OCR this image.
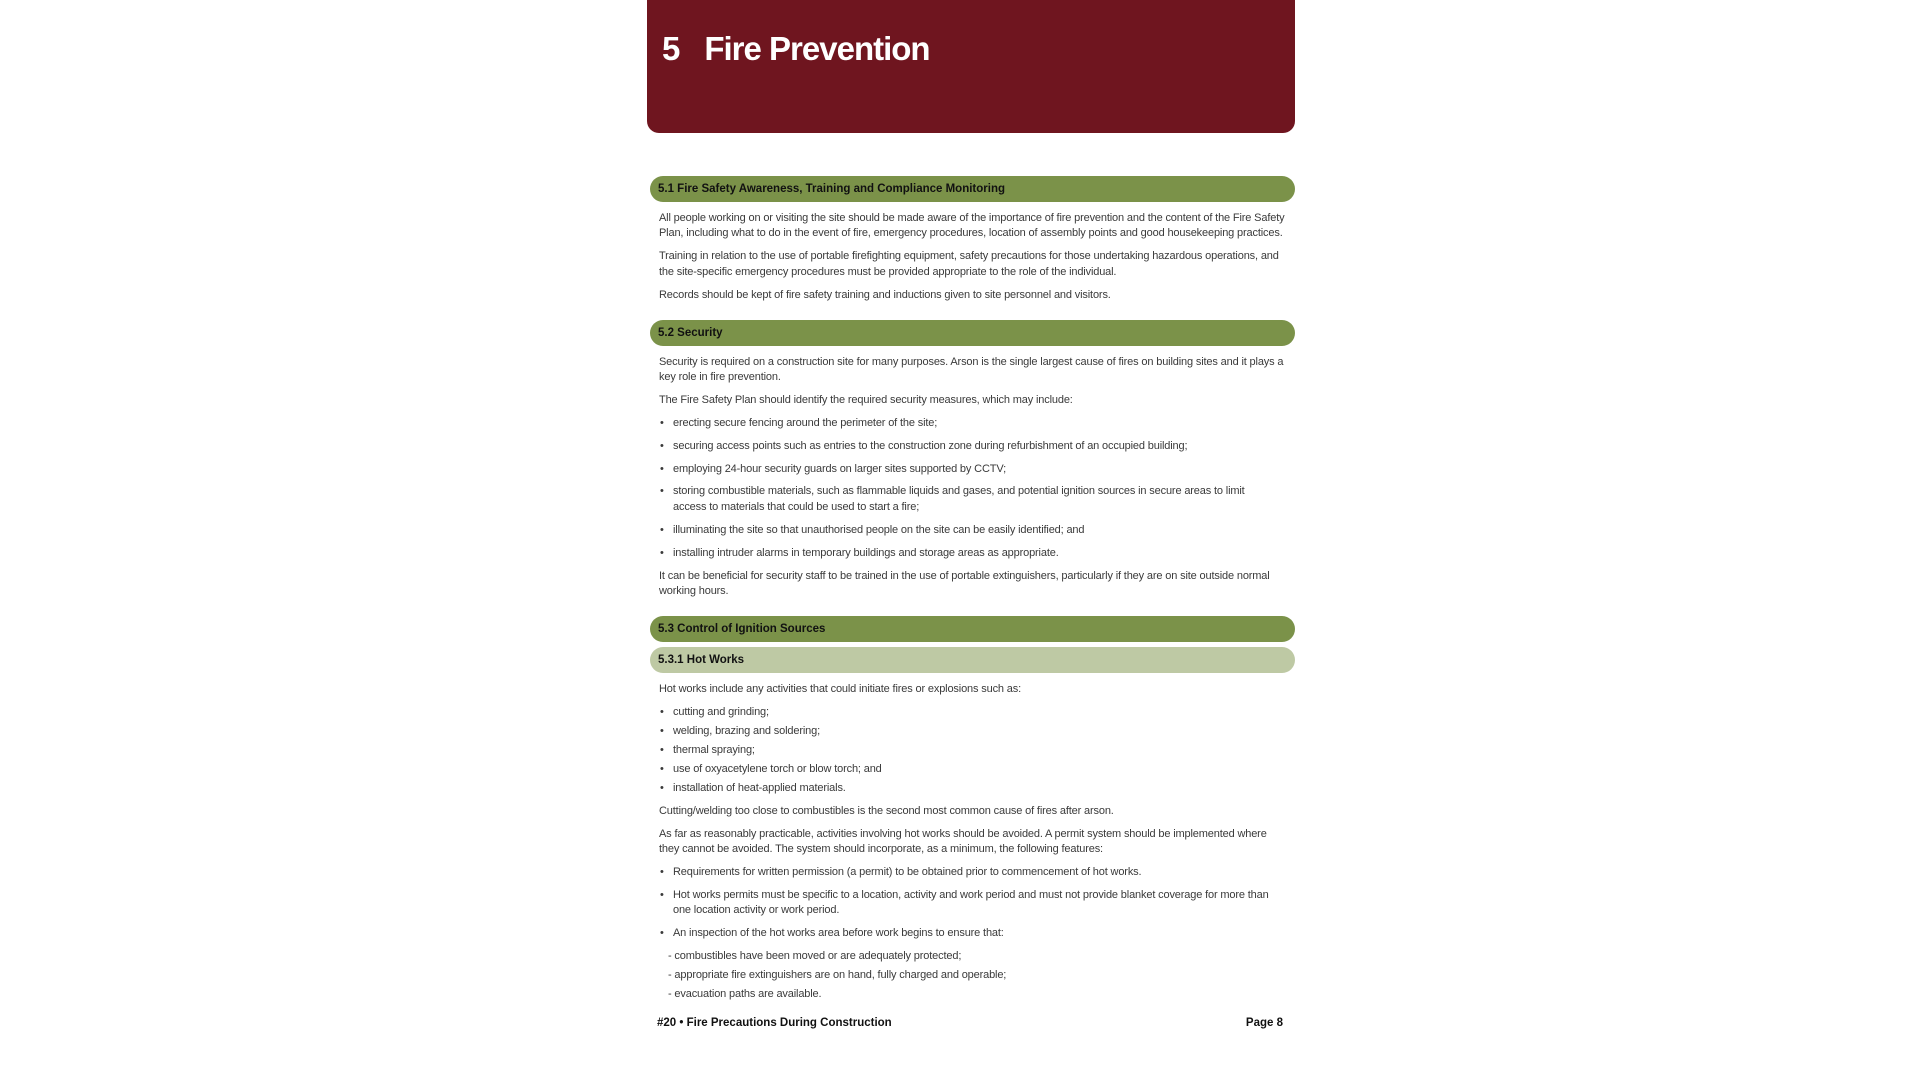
5 Fire Prevention
5.1 Fire Safety Awareness, Training and Compliance Monitoring

All people working on or visiting the site should be made aware of the importance of fire prevention and the content of the Fire Safety Plan, including what to do in the event of fire, emergency procedures, location of assembly points and good housekeeping practices.

Training in relation to the use of portable firefighting equipment, safety precautions for those undertaking hazardous operations, and the site-specific emergency procedures must be provided appropriate to the role of the individual.

Records should be kept of fire safety training and inductions given to site personnel and visitors.

5.2 Security

Security is required on a construction site for many purposes. Arson is the single largest cause of fires on building sites and it plays a key role in fire prevention.

The Fire Safety Plan should identify the required security measures, which may include:

• erecting secure fencing around the perimeter of the site;
• securing access points such as entries to the construction zone during refurbishment of an occupied building;
• employing 24-hour security guards on larger sites supported by CCTV;
• storing combustible materials, such as flammable liquids and gases, and potential ignition sources in secure areas to limit access to materials that could be used to start a fire;
• illuminating the site so that unauthorised people on the site can be easily identified; and
• installing intruder alarms in temporary buildings and storage areas as appropriate.

It can be beneficial for security staff to be trained in the use of portable extinguishers, particularly if they are on site outside normal working hours.

5.3 Control of Ignition Sources
5.3.1 Hot Works

Hot works include any activities that could initiate fires or explosions such as:

• cutting and grinding;
• welding, brazing and soldering;
• thermal spraying;
• use of oxyacetylene torch or blow torch; and
• installation of heat-applied materials.

Cutting/welding too close to combustibles is the second most common cause of fires after arson.

As far as reasonably practicable, activities involving hot works should be avoided. A permit system should be implemented where they cannot be avoided. The system should incorporate, as a minimum, the following features:

• Requirements for written permission (a permit) to be obtained prior to commencement of hot works.
• Hot works permits must be specific to a location, activity and work period and must not provide blanket coverage for more than one location activity or work period.
• An inspection of the hot works area before work begins to ensure that:
- combustibles have been moved or are adequately protected;
- appropriate fire extinguishers are on hand, fully charged and operable;
- evacuation paths are available.
#20 • Fire Precautions During Construction	Page 8
